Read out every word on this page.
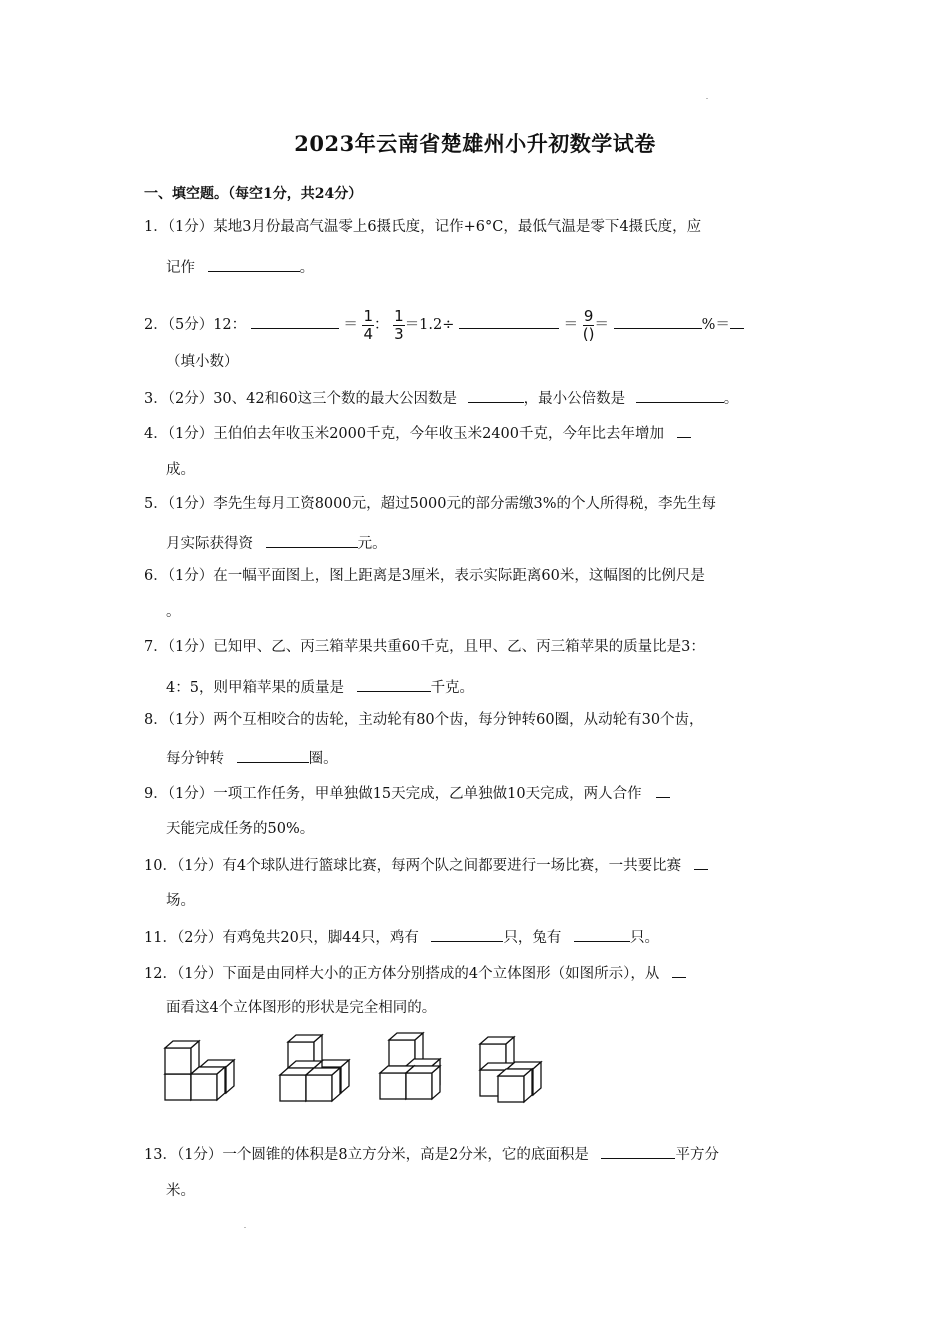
2023年云南省楚雄州小升初数学试卷
一、填空题。（每空1分，共24分）
1．（1分）某地3月份最高气温零上6摄氏度，记作+6°C，最低气温是零下4摄氏度，应
记作	。
2．（5分）12：	＝ $\frac{1}{4}$ ： $\frac{1}{3} =1.2\div$	＝ $\frac{9}{()}$ ＝	%＝
（填小数）
3．（2分）30、42和60这三个数的最大公因数是	，最小公倍数是	。
4．（1分）王伯伯去年收玉米2000千克，今年收玉米2400千克，今年比去年增加
成。
5．（1分）李先生每月工资8000元，超过5000元的部分需缴3%的个人所得税，李先生每
月实际获得资	元。
6．（1分）在一幅平面图上，图上距离是3厘米，表示实际距离60米，这幅图的比例尺是
。
7．（1分）已知甲、乙、丙三箱苹果共重60千克，且甲、乙、丙三箱苹果的质量比是3：
4：5，则甲箱苹果的质量是	千克。
8．（1分）两个互相咬合的齿轮，主动轮有80个齿，每分钟转60圈，从动轮有30个齿，
每分钟转	圈。
9．（1分）一项工作任务，甲单独做15天完成，乙单独做10天完成，两人合作
天能完成任务的50%。
10．（1分）有4个球队进行篮球比赛，每两个队之间都要进行一场比赛，一共要比赛
场。
11．（2分）有鸡兔共20只，脚44只，鸡有	只，兔有	只。
12．（1分）下面是由同样大小的正方体分别搭成的4个立体图形（如图所示），从
面看这4个立体图形的形状是完全相同的。
13．（1分）一个圆锥的体积是8立方分米，高是2分米，它的底面积是	平方分
米。
